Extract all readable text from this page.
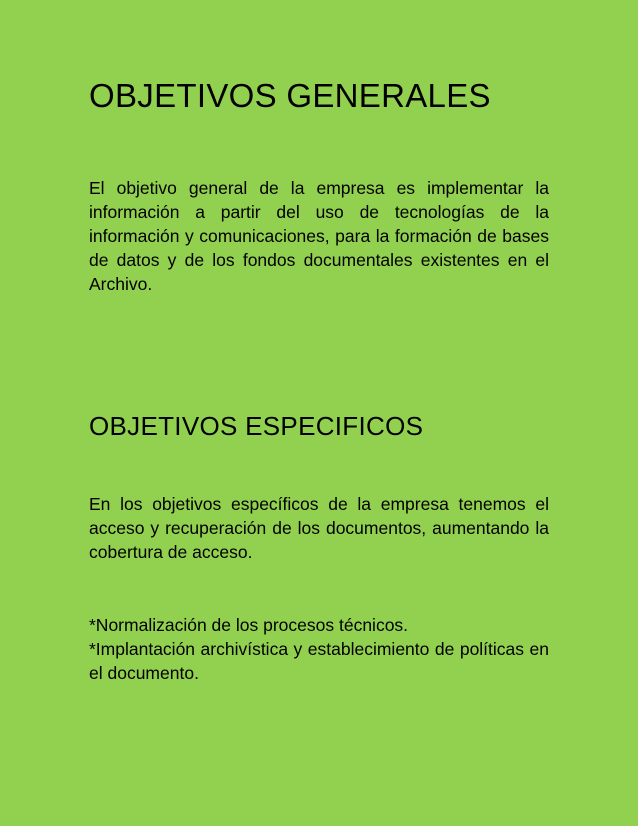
OBJETIVOS GENERALES

El objetivo general de la empresa es implementar la información a partir del uso de tecnologías de la información y comunicaciones, para la formación de bases de datos y de los fondos documentales existentes en el Archivo.

OBJETIVOS ESPECIFICOS

En los objetivos específicos de la empresa tenemos el acceso y recuperación de los documentos, aumentando la cobertura de acceso.

*Normalización de los procesos técnicos.

*Implantación archivística y establecimiento de políticas en el documento.
